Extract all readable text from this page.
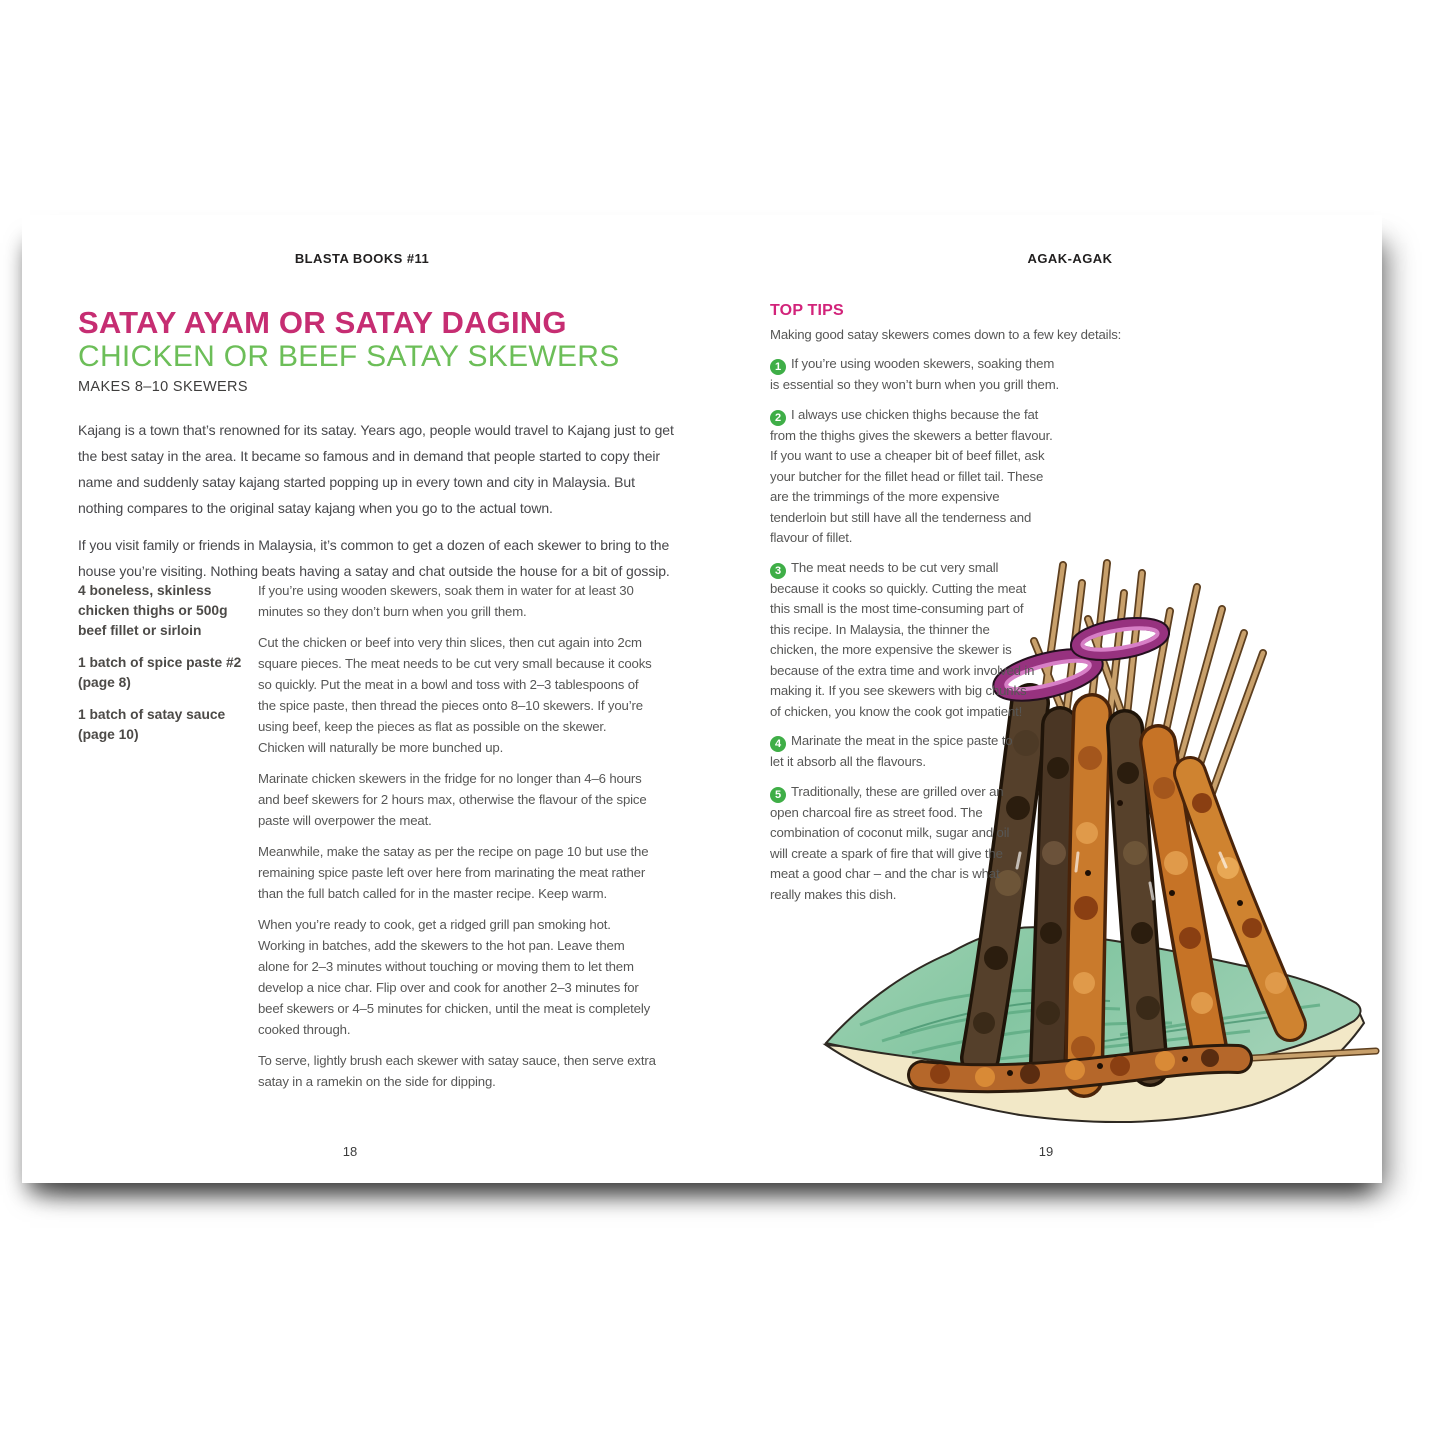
BLASTA BOOKS #11
SATAY AYAM OR SATAY DAGING
CHICKEN OR BEEF SATAY SKEWERS
MAKES 8–10 SKEWERS

Kajang is a town that’s renowned for its satay. Years ago, people would travel to Kajang just to get the best satay in the area. It became so famous and in demand that people started to copy their name and suddenly satay kajang started popping up in every town and city in Malaysia. But nothing compares to the original satay kajang when you go to the actual town.

If you visit family or friends in Malaysia, it’s common to get a dozen of each skewer to bring to the house you’re visiting. Nothing beats having a satay and chat outside the house for a bit of gossip.

4 boneless, skinless chicken thighs or 500g beef fillet or sirloin

1 batch of spice paste #2 (page 8)

1 batch of satay sauce (page 10)

If you’re using wooden skewers, soak them in water for at least 30 minutes so they don’t burn when you grill them.

Cut the chicken or beef into very thin slices, then cut again into 2cm square pieces. The meat needs to be cut very small because it cooks so quickly. Put the meat in a bowl and toss with 2–3 tablespoons of the spice paste, then thread the pieces onto 8–10 skewers. If you’re using beef, keep the pieces as flat as possible on the skewer. Chicken will naturally be more bunched up.

Marinate chicken skewers in the fridge for no longer than 4–6 hours and beef skewers for 2 hours max, otherwise the flavour of the spice paste will overpower the meat.

Meanwhile, make the satay as per the recipe on page 10 but use the remaining spice paste left over here from marinating the meat rather than the full batch called for in the master recipe. Keep warm.

When you’re ready to cook, get a ridged grill pan smoking hot. Working in batches, add the skewers to the hot pan. Leave them alone for 2–3 minutes without touching or moving them to let them develop a nice char. Flip over and cook for another 2–3 minutes for beef skewers or 4–5 minutes for chicken, until the meat is completely cooked through.

To serve, lightly brush each skewer with satay sauce, then serve extra satay in a ramekin on the side for dipping.

18
AGAK-AGAK
TOP TIPS

Making good satay skewers comes down to a few key details:

1 If you’re using wooden skewers, soaking them is essential so they won’t burn when you grill them.

2 I always use chicken thighs because the fat from the thighs gives the skewers a better flavour. If you want to use a cheaper bit of beef fillet, ask your butcher for the fillet head or fillet tail. These are the trimmings of the more expensive tenderloin but still have all the tenderness and flavour of fillet.

3 The meat needs to be cut very small because it cooks so quickly. Cutting the meat this small is the most time-consuming part of this recipe. In Malaysia, the thinner the chicken, the more expensive the skewer is because of the extra time and work involved in making it. If you see skewers with big chunks of chicken, you know the cook got impatient!

4 Marinate the meat in the spice paste to let it absorb all the flavours.

5 Traditionally, these are grilled over an open charcoal fire as street food. The combination of coconut milk, sugar and oil will create a spark of fire that will give the meat a good char – and the char is what really makes this dish.

19
